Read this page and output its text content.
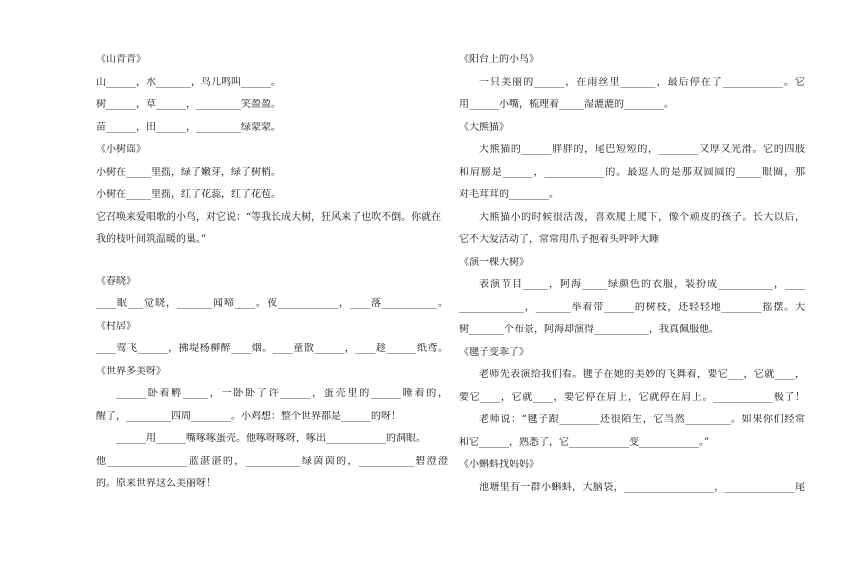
《山青青》
山______，水_______，鸟儿鸣叫______。
树______，草______，_________笑盈盈。
苗______，田______，_________绿蒙蒙。
《小树谣》
小树在_____里摇，绿了嫩芽，绿了树梢。
小树在_____里摇，红了花蕊，红了花苞。
它召唤来爱唱歌的小鸟，对它说：“等我长成大树，狂风来了也吹不倒。你就在我的枝叶间筑温暖的巢。”
《春晓》
____眠___觉晓，_______闻啼____。夜____________，____落___________。
《村居》
____莺飞______，拂堤杨柳醉____烟。____童散______，____趁______纸鸢。
《世界多美呀》
______卧着孵_____，一卧卧了许______，蛋壳里的______睡着的，
醒了，_________四周________。小鸡想：整个世界都是______的呀！
______用______嘴啄啄蛋壳。他啄呀啄呀，啄出____________的洞眼。
他________________蓝湛湛的，___________绿茵茵的，___________碧澄澄
的。原来世界这么美丽呀！
《阳台上的小鸟》
一只美丽的______，在雨丝里_______，最后停在了____________。它
用______小嘴，梳理着_____湿漉漉的________。
《大熊猫》
大熊猫的______胖胖的，尾巴短短的，________又厚又光滑。它的四肢
和肩膀是______，____________的。最逗人的是那双圆圆的_____眼圈，那
对毛茸茸的________。
大熊猫小的时候很活泼，喜欢爬上爬下，像个顽皮的孩子。长大以后，
它不大爱活动了，常常用爪子抱着头呼呼大睡
《演一棵大树》
表演节目_____，阿海_____绿颜色的衣服，装扮成___________，____
_____________，_______举着带______的树枝，还轻轻地________摇摆。大
树_______个布景，阿海却演得___________，我真佩服他。
《毽子变乖了》
老师先表演给我们看。毽子在她的美妙的飞舞着，要它___，它就____，
要它____，它就____，要它停在肩上，它就停在肩上。____________极了！
老师说：“毽子跟________还很陌生，它当然_________。如果你们经常
和它______，熟悉了，它____________变____________。”
《小蝌蚪找妈妈》
池塘里有一群小蝌蚪，大脑袋，__________________，______________尾
